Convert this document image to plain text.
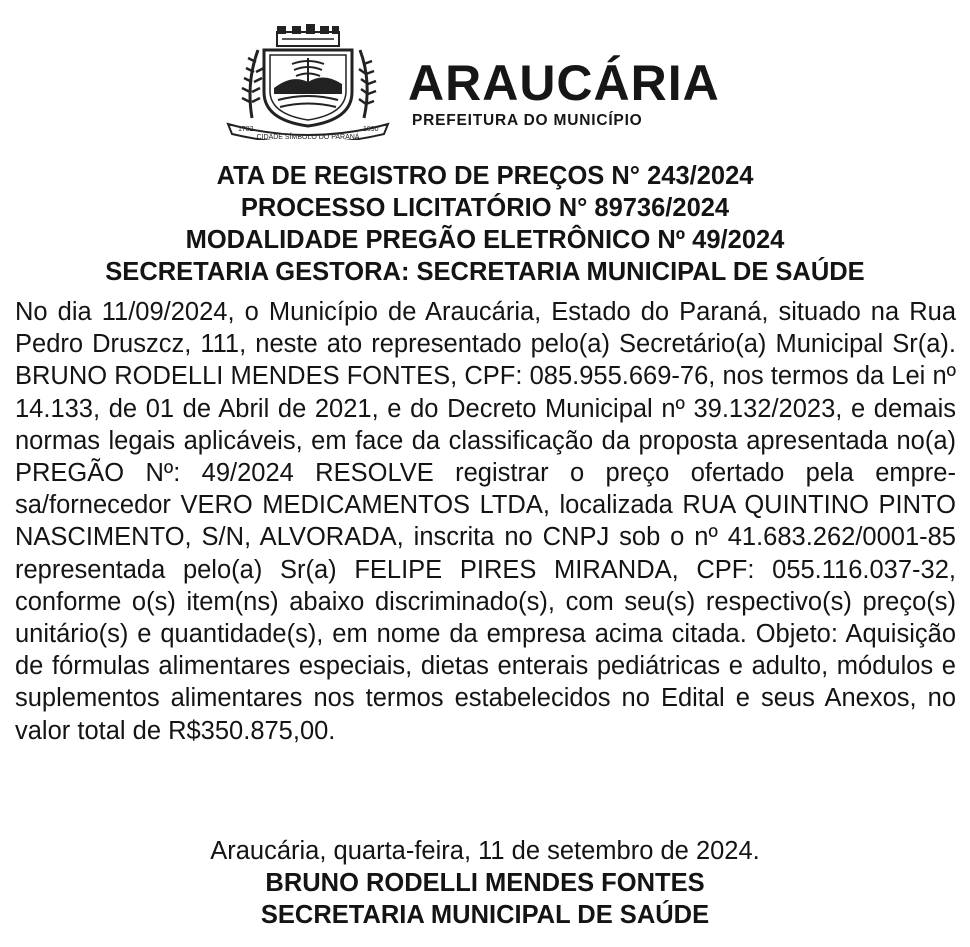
1782
CIDADE SÍMBOLO DO PARANÁ
1890
ARAUCÁRIA
PREFEITURA DO MUNICÍPIO
ATA DE REGISTRO DE PREÇOS N° 243/2024
PROCESSO LICITATÓRIO N° 89736/2024
MODALIDADE PREGÃO ELETRÔNICO Nº 49/2024
SECRETARIA GESTORA: SECRETARIA MUNICIPAL DE SAÚDE
No dia 11/09/2024, o Município de Araucária, Estado do Paraná, situado na Rua Pedro Druszcz, 111, neste ato representado pelo(a) Secretário(a) Municipal Sr(a). BRUNO RODELLI MENDES FONTES, CPF: 085.955.669-76, nos termos da Lei nº 14.133, de 01 de Abril de 2021, e do Decreto Municipal nº 39.132/2023, e demais normas legais aplicáveis, em face da classificação da proposta apresentada no(a) PREGÃO Nº: 49/2024 RESOLVE registrar o preço ofertado pela empresa/fornecedor VERO MEDICAMENTOS LTDA, localizada RUA QUINTINO PINTO NASCIMENTO, S/N, ALVORADA, inscrita no CNPJ sob o nº 41.683.262/0001-85 representada pelo(a) Sr(a) FELIPE PIRES MIRANDA, CPF: 055.116.037-32, conforme o(s) item(ns) abaixo discriminado(s), com seu(s) respectivo(s) preço(s) unitário(s) e quantidade(s), em nome da empresa acima citada. Objeto: Aquisição de fórmulas alimentares especiais, dietas enterais pediátricas e adulto, módulos e suplementos alimentares nos termos estabelecidos no Edital e seus Anexos, no valor total de R$350.875,00.
Araucária, quarta-feira, 11 de setembro de 2024.
BRUNO RODELLI MENDES FONTES
SECRETARIA MUNICIPAL DE SAÚDE
